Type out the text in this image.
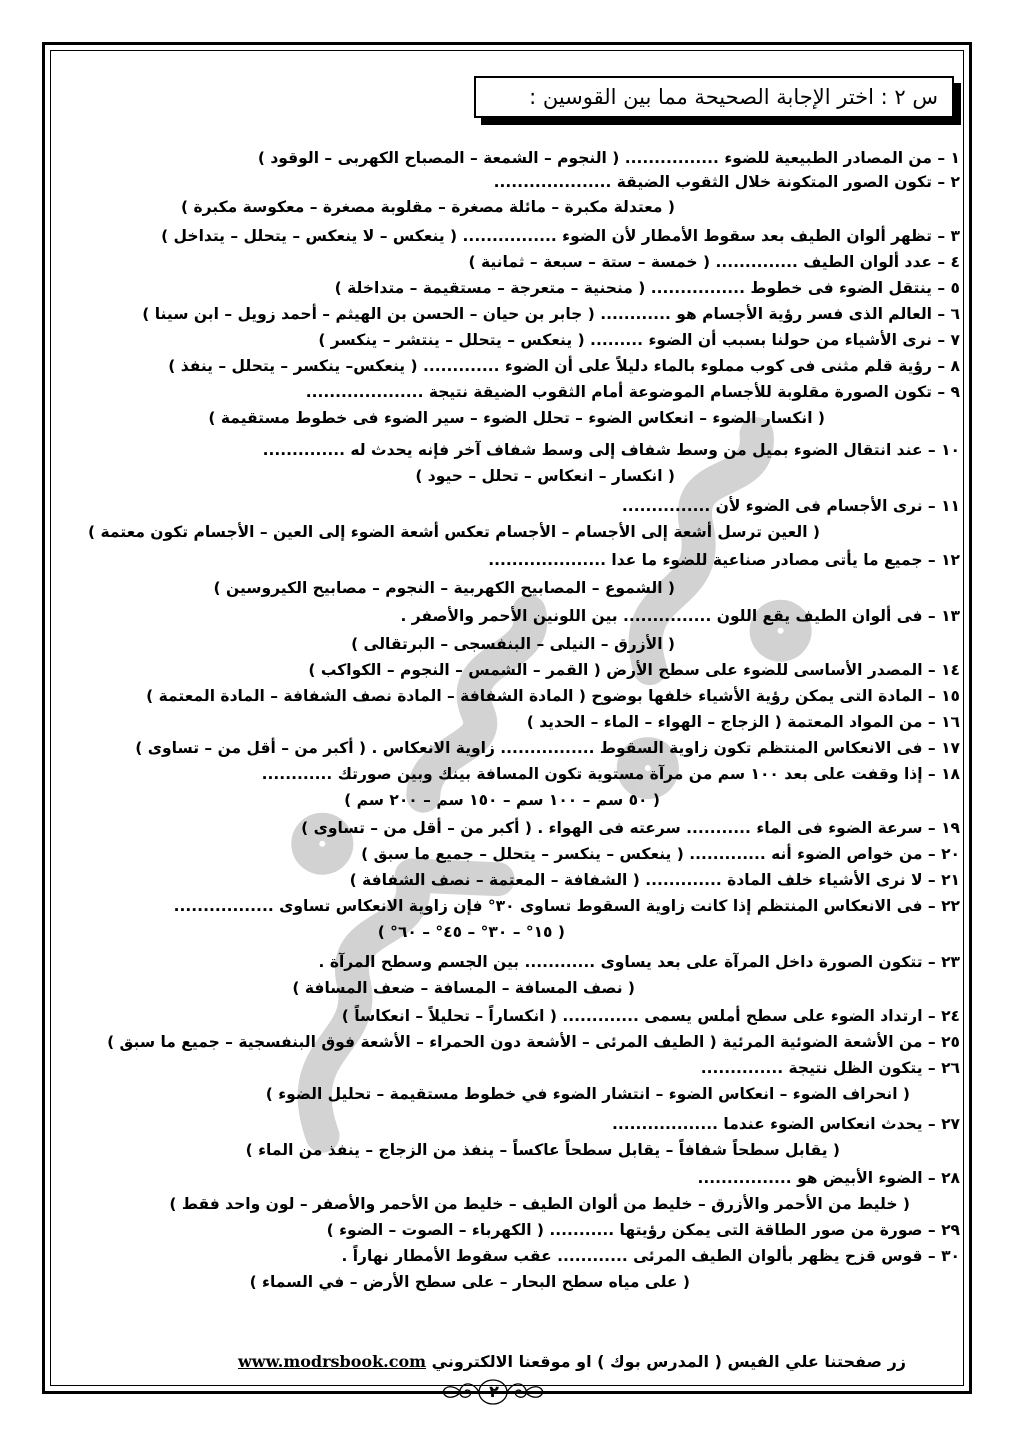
مصطفى الشافعي
س ٢ : اختر الإجابة الصحيحة مما بين القوسين :
١ – من المصادر الطبيعية للضوء ................ ( النجوم – الشمعة – المصباح الكهربى – الوقود )
٢ – تكون الصور المتكونة خلال الثقوب الضيقة ....................
( معتدلة مكبرة – مائلة مصغرة – مقلوبة مصغرة – معكوسة مكبرة )
٣ – تظهر ألوان الطيف بعد سقوط الأمطار لأن الضوء ................ ( ينعكس – لا ينعكس – يتحلل – يتداخل )
٤ – عدد ألوان الطيف .............. ( خمسة – ستة – سبعة – ثمانية )
٥ – ينتقل الضوء فى خطوط ................ ( منحنية – متعرجة – مستقيمة – متداخلة )
٦ – العالم الذى فسر رؤية الأجسام هو ............ ( جابر بن حيان – الحسن بن الهيثم – أحمد زويل – ابن سينا )
٧ – نرى الأشياء من حولنا بسبب أن الضوء ......... ( ينعكس – يتحلل – ينتشر – ينكسر )
٨ – رؤية قلم مثنى فى كوب مملوء بالماء دليلاً على أن الضوء ............. ( ينعكس– ينكسر – يتحلل – ينفذ )
٩ – تكون الصورة مقلوبة للأجسام الموضوعة أمام الثقوب الضيقة نتيجة ....................
( انكسار الضوء – انعكاس الضوء – تحلل الضوء – سير الضوء فى خطوط مستقيمة )
١٠ – عند انتقال الضوء بميل من وسط شفاف إلى وسط شفاف آخر فإنه يحدث له ..............
( انكسار – انعكاس – تحلل – حيود )
١١ – نرى الأجسام فى الضوء لأن ...............
( العين ترسل أشعة إلى الأجسام – الأجسام تعكس أشعة الضوء إلى العين – الأجسام تكون معتمة )
١٢ – جميع ما يأتى مصادر صناعية للضوء ما عدا ....................
( الشموع – المصابيح الكهربية – النجوم – مصابيح الكيروسين )
١٣ – فى ألوان الطيف يقع اللون ............... بين اللونين الأحمر والأصفر .
( الأزرق – النيلى – البنفسجى – البرتقالى )
١٤ – المصدر الأساسى للضوء على سطح الأرض ( القمر – الشمس – النجوم – الكواكب )
١٥ – المادة التى يمكن رؤية الأشياء خلفها بوضوح ( المادة الشفافة – المادة نصف الشفافة – المادة المعتمة )
١٦ – من المواد المعتمة ( الزجاج – الهواء – الماء – الحديد )
١٧ – فى الانعكاس المنتظم تكون زاوية السقوط ................ زاوية الانعكاس . ( أكبر من – أقل من – تساوى )
١٨ – إذا وقفت على بعد ١٠٠ سم من مرآة مستوية تكون المسافة بينك وبين صورتك ............
( ٥٠ سم – ١٠٠ سم – ١٥٠ سم – ٢٠٠ سم )
١٩ – سرعة الضوء فى الماء ........... سرعته فى الهواء . ( أكبر من – أقل من – تساوى )
٢٠ – من خواص الضوء أنه ............. ( ينعكس – ينكسر – يتحلل – جميع ما سبق )
٢١ – لا نرى الأشياء خلف المادة ............. ( الشفافة – المعتمة – نصف الشفافة )
٢٢ – فى الانعكاس المنتظم إذا كانت زاوية السقوط تساوى ٣٠° فإن زاوية الانعكاس تساوى .................
( ١٥° – ٣٠° – ٤٥° – ٦٠° )
٢٣ – تتكون الصورة داخل المرآة على بعد يساوى ............ بين الجسم وسطح المرآة .
( نصف المسافة – المسافة – ضعف المسافة )
٢٤ – ارتداد الضوء على سطح أملس يسمى ............. ( انكساراً – تحليلاً – انعكاساً )
٢٥ – من الأشعة الضوئية المرئية ( الطيف المرئى – الأشعة دون الحمراء – الأشعة فوق البنفسجية – جميع ما سبق )
٢٦ – يتكون الظل نتيجة ..............
( انحراف الضوء – انعكاس الضوء – انتشار الضوء في خطوط مستقيمة – تحليل الضوء )
٢٧ – يحدث انعكاس الضوء عندما ..................
( يقابل سطحاً شفافاً – يقابل سطحاً عاكساً – ينفذ من الزجاج – ينفذ من الماء )
٢٨ – الضوء الأبيض هو ................
( خليط من الأحمر والأزرق – خليط من ألوان الطيف – خليط من الأحمر والأصفر – لون واحد فقط )
٢٩ – صورة من صور الطاقة التى يمكن رؤيتها ........... ( الكهرباء – الصوت – الضوء )
٣٠ – قوس قزح يظهر بألوان الطيف المرئى ............ عقب سقوط الأمطار نهاراً .
( على مياه سطح البحار – على سطح الأرض – في السماء )
زر صفحتنا علي الفيس ( المدرس بوك ) او موقعنا الالكتروني www.modrsbook.com
٢
